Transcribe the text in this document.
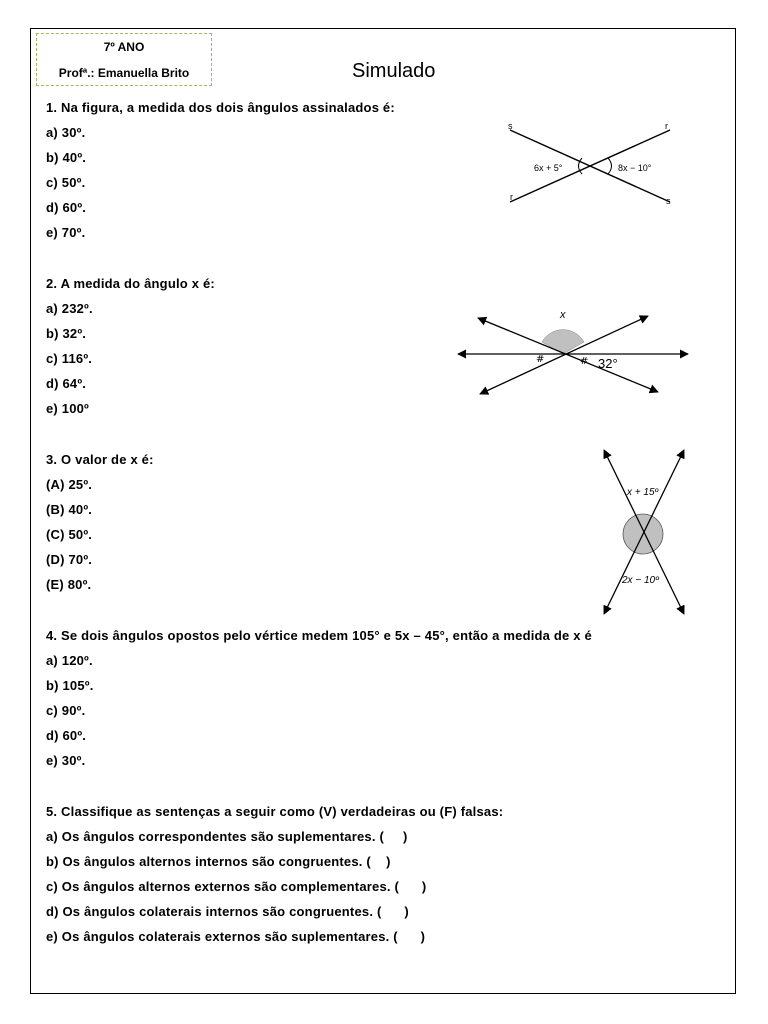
7º ANO
Profª.: Emanuella Brito	Simulado
1. Na figura, a medida dos dois ângulos assinalados é:
a) 30º.
b) 40º.
c) 50º.
d) 60º.
e) 70º.
2. A medida do ângulo x é:
a) 232º.
b) 32º.
c) 116º.
d) 64º.
e) 100º
3. O valor de x é:
(A) 25º.
(B) 40º.
(C) 50º.
(D) 70º.
(E) 80º.
4. Se dois ângulos opostos pelo vértice medem 105° e 5x – 45°, então a medida de x é
a) 120º.
b) 105º.
c) 90º.
d) 60º.
e) 30º.
5. Classifique as sentenças a seguir como (V) verdadeiras ou (F) falsas:
a) Os ângulos correspondentes são suplementares. (     )
b) Os ângulos alternos internos são congruentes. (    )
c) Os ângulos alternos externos são complementares. (      )
d) Os ângulos colaterais internos são congruentes. (      )
e) Os ângulos colaterais externos são suplementares. (      )
s	r
r	s
6x + 5°	8x − 10°
#	#
x
32°
x + 15º
2x − 10º
